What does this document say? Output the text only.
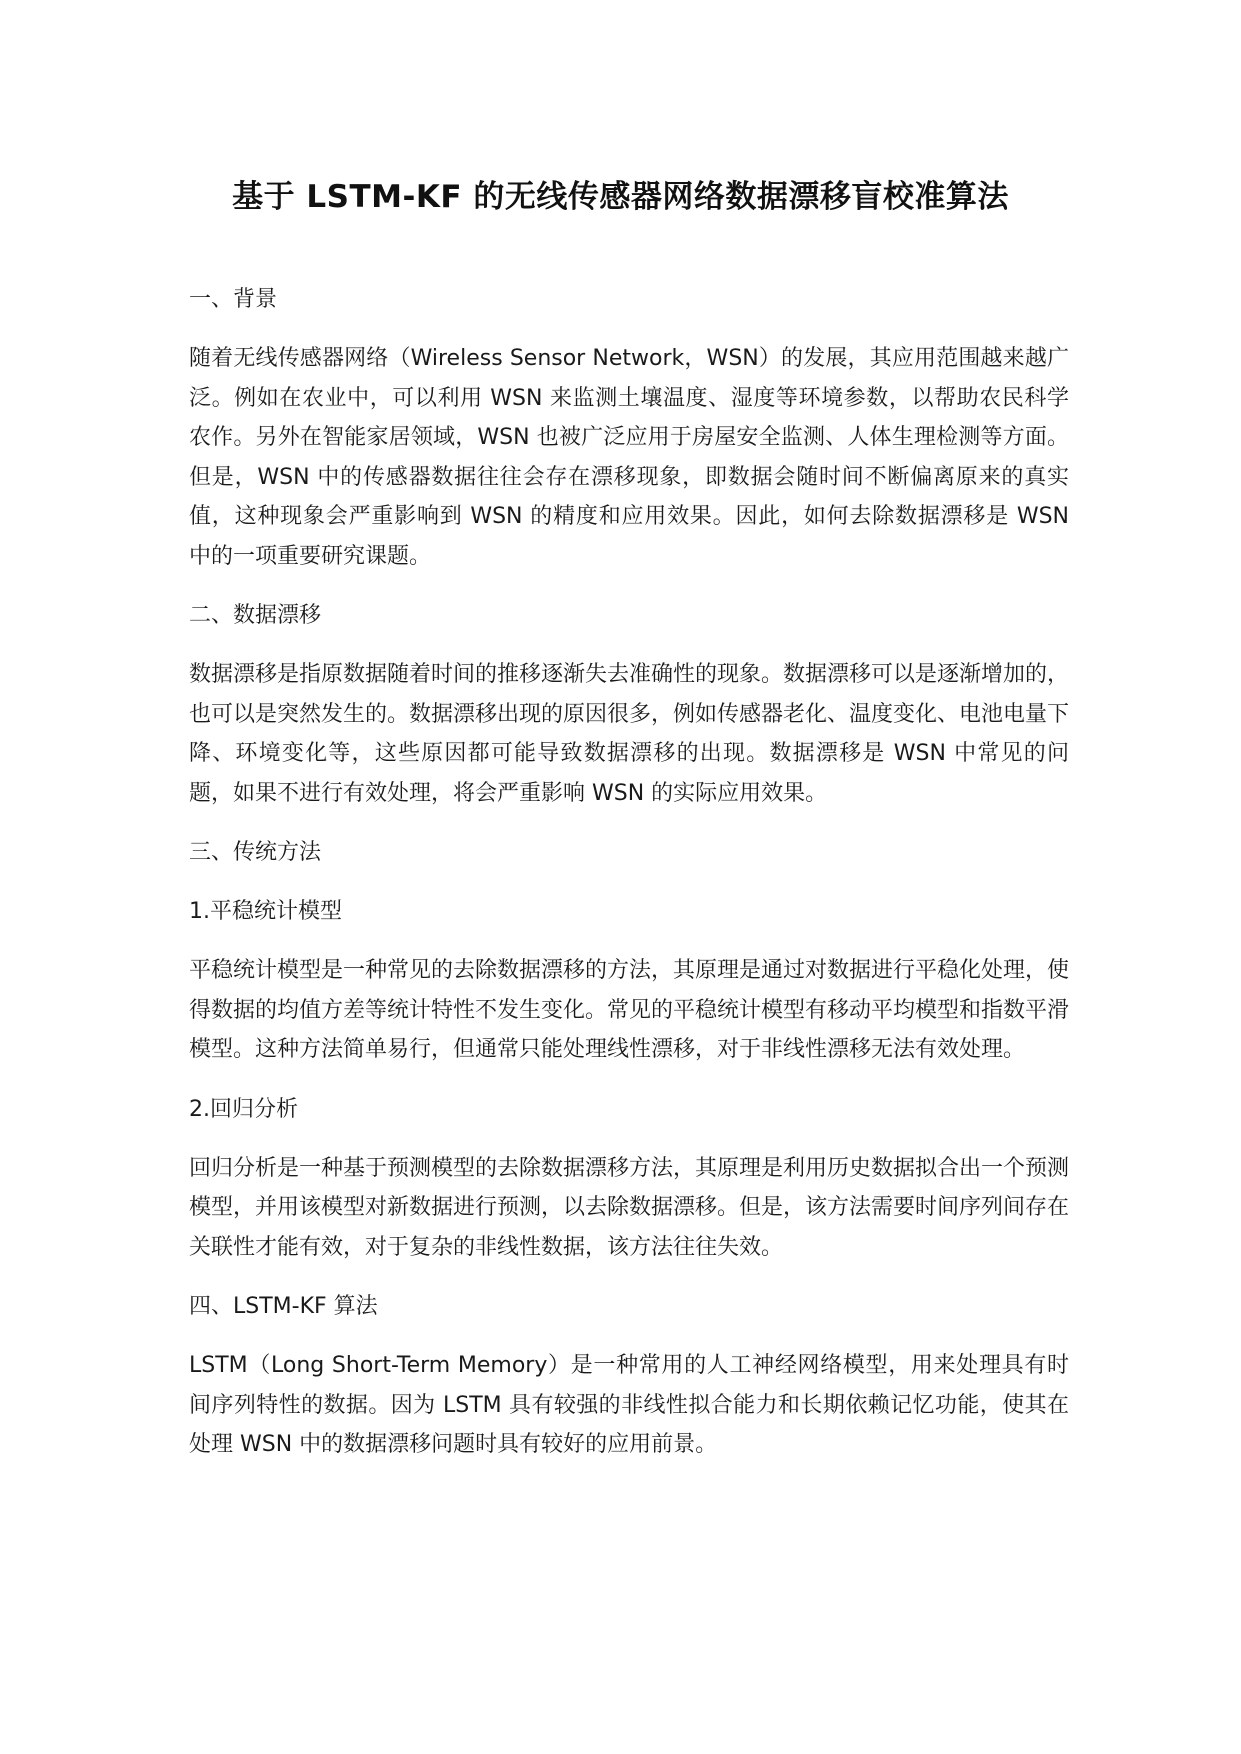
基于 LSTM-KF 的无线传感器网络数据漂移盲校准算法
一、背景

随着无线传感器网络（Wireless Sensor Network，WSN）的发展，其应用范围越来越广泛。例如在农业中，可以利用 WSN 来监测土壤温度、湿度等环境参数，以帮助农民科学农作。另外在智能家居领域，WSN 也被广泛应用于房屋安全监测、人体生理检测等方面。但是，WSN 中的传感器数据往往会存在漂移现象，即数据会随时间不断偏离原来的真实值，这种现象会严重影响到 WSN 的精度和应用效果。因此，如何去除数据漂移是 WSN 中的一项重要研究课题。

二、数据漂移

数据漂移是指原数据随着时间的推移逐渐失去准确性的现象。数据漂移可以是逐渐增加的，也可以是突然发生的。数据漂移出现的原因很多，例如传感器老化、温度变化、电池电量下降、环境变化等，这些原因都可能导致数据漂移的出现。数据漂移是 WSN 中常见的问题，如果不进行有效处理，将会严重影响 WSN 的实际应用效果。

三、传统方法
1.平稳统计模型

平稳统计模型是一种常见的去除数据漂移的方法，其原理是通过对数据进行平稳化处理，使得数据的均值方差等统计特性不发生变化。常见的平稳统计模型有移动平均模型和指数平滑模型。这种方法简单易行，但通常只能处理线性漂移，对于非线性漂移无法有效处理。

2.回归分析

回归分析是一种基于预测模型的去除数据漂移方法，其原理是利用历史数据拟合出一个预测模型，并用该模型对新数据进行预测，以去除数据漂移。但是，该方法需要时间序列间存在关联性才能有效，对于复杂的非线性数据，该方法往往失效。

四、LSTM-KF 算法

LSTM（Long Short-Term Memory）是一种常用的人工神经网络模型，用来处理具有时间序列特性的数据。因为 LSTM 具有较强的非线性拟合能力和长期依赖记忆功能，使其在处理 WSN 中的数据漂移问题时具有较好的应用前景。
